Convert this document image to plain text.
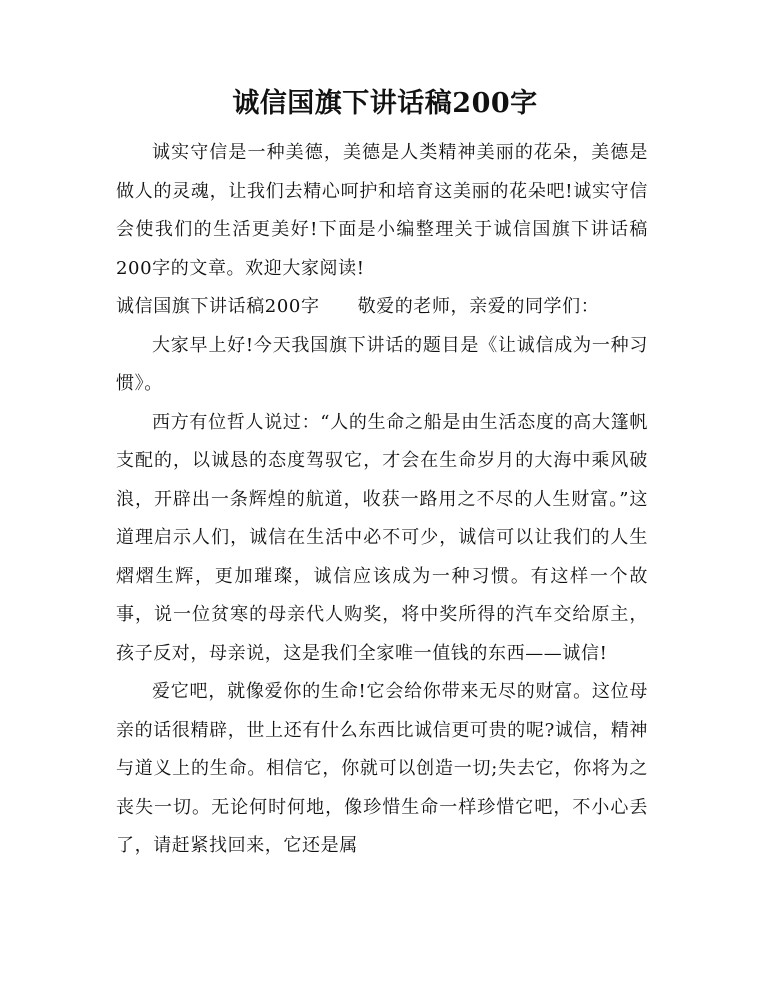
诚信国旗下讲话稿200字

诚实守信是一种美德，美德是人类精神美丽的花朵，美德是做人的灵魂，让我们去精心呵护和培育这美丽的花朵吧!诚实守信会使我们的生活更美好!下面是小编整理关于诚信国旗下讲话稿200字的文章。欢迎大家阅读!

诚信国旗下讲话稿200字 敬爱的老师，亲爱的同学们：

大家早上好!今天我国旗下讲话的题目是《让诚信成为一种习惯》。

西方有位哲人说过：“人的生命之船是由生活态度的高大篷帆支配的，以诚恳的态度驾驭它，才会在生命岁月的大海中乘风破浪，开辟出一条辉煌的航道，收获一路用之不尽的人生财富。”这道理启示人们，诚信在生活中必不可少，诚信可以让我们的人生熠熠生辉，更加璀璨，诚信应该成为一种习惯。有这样一个故事，说一位贫寒的母亲代人购奖，将中奖所得的汽车交给原主，孩子反对，母亲说，这是我们全家唯一值钱的东西——诚信!

爱它吧，就像爱你的生命!它会给你带来无尽的财富。这位母亲的话很精辟，世上还有什么东西比诚信更可贵的呢?诚信，精神与道义上的生命。相信它，你就可以创造一切;失去它，你将为之丧失一切。无论何时何地，像珍惜生命一样珍惜它吧，不小心丢了，请赶紧找回来，它还是属
